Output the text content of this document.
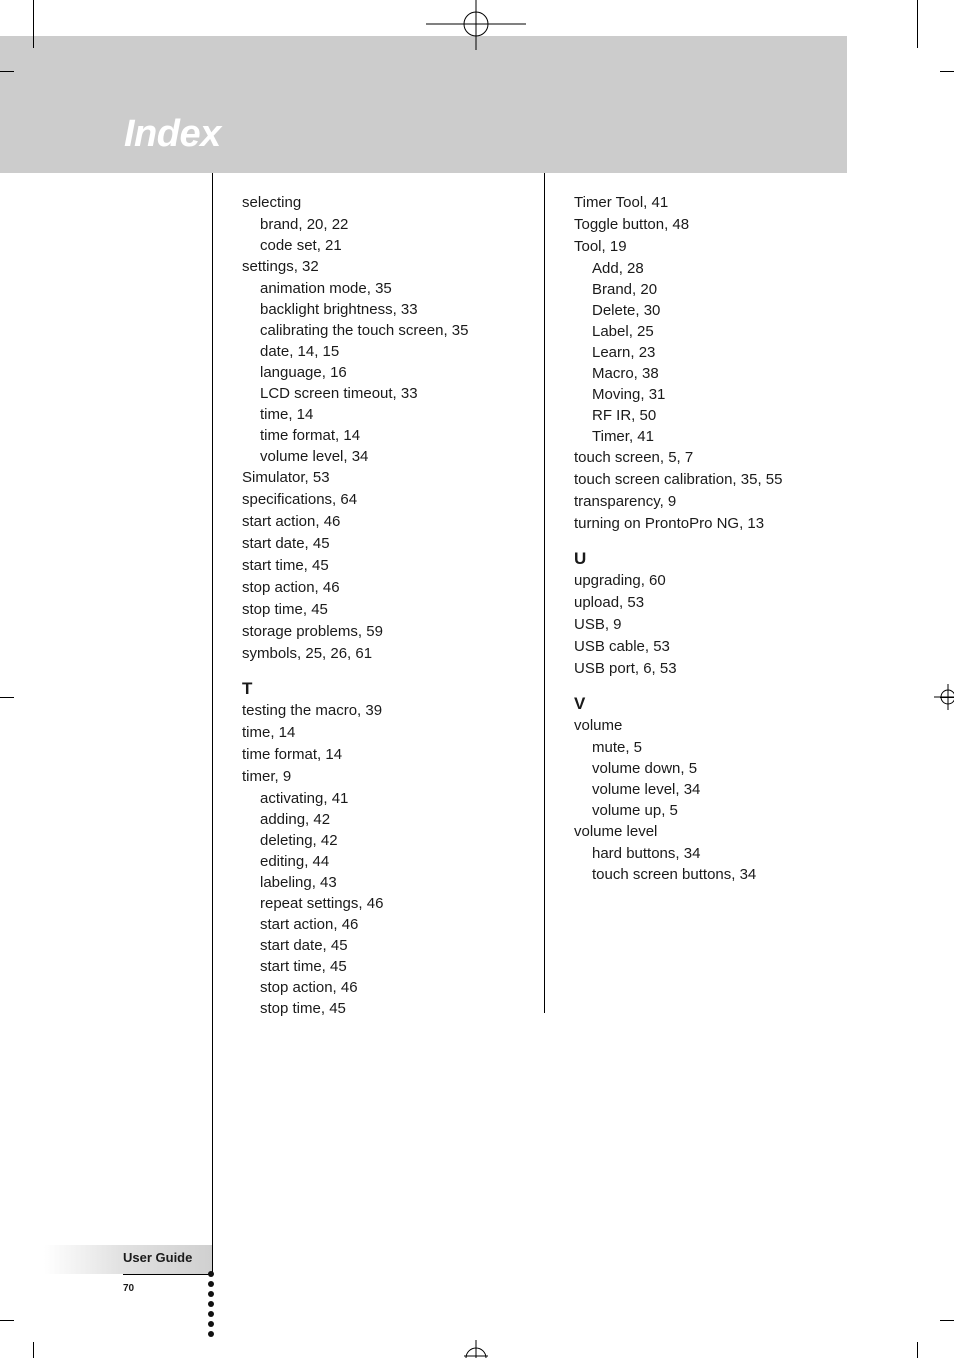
Index
selecting
brand, 20, 22
code set, 21
settings, 32
animation mode, 35
backlight brightness, 33
calibrating the touch screen, 35
date, 14, 15
language, 16
LCD screen timeout, 33
time, 14
time format, 14
volume level, 34
Simulator, 53
specifications, 64
start action, 46
start date, 45
start time, 45
stop action, 46
stop time, 45
storage problems, 59
symbols, 25, 26, 61
T
testing the macro, 39
time, 14
time format, 14
timer, 9
activating, 41
adding, 42
deleting, 42
editing, 44
labeling, 43
repeat settings, 46
start action, 46
start date, 45
start time, 45
stop action, 46
stop time, 45
Timer Tool, 41
Toggle button, 48
Tool, 19
Add, 28
Brand, 20
Delete, 30
Label, 25
Learn, 23
Macro, 38
Moving, 31
RF IR, 50
Timer, 41
touch screen, 5, 7
touch screen calibration, 35, 55
transparency, 9
turning on ProntoPro NG, 13
U
upgrading, 60
upload, 53
USB, 9
USB cable, 53
USB port, 6, 53
V
volume
mute, 5
volume down, 5
volume level, 34
volume up, 5
volume level
hard buttons, 34
touch screen buttons, 34
User Guide
70
